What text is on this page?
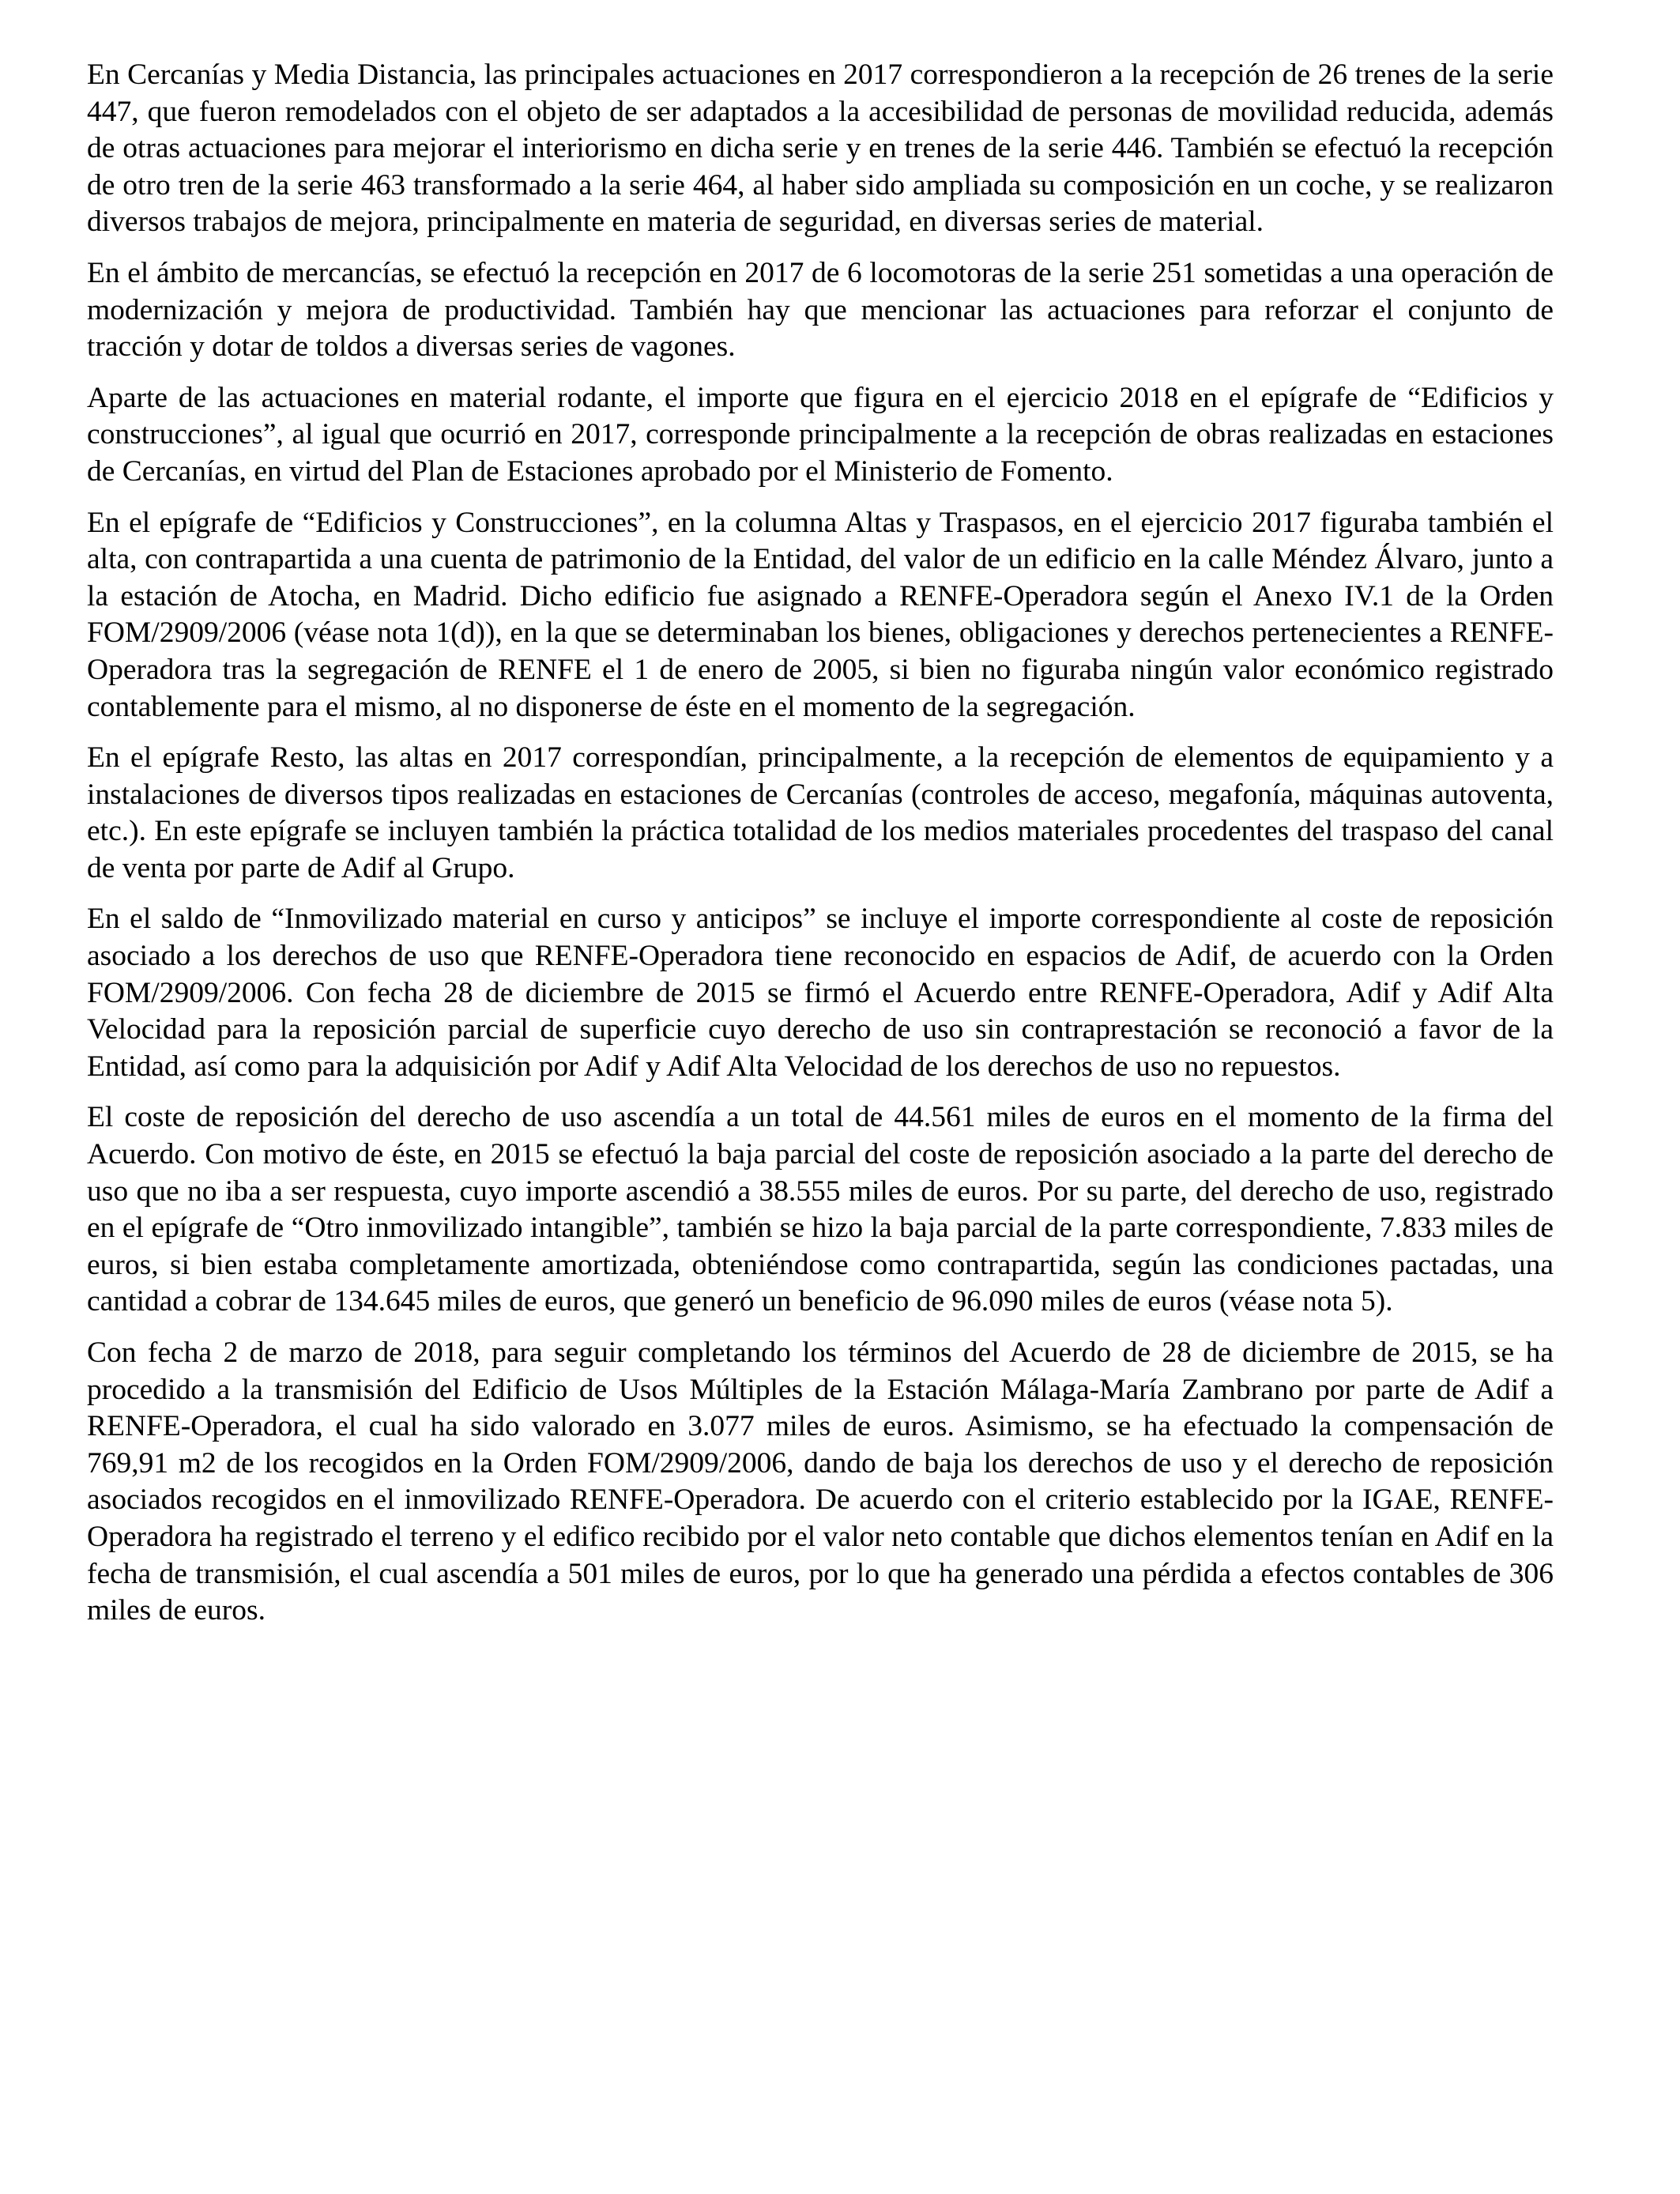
En Cercanías y Media Distancia, las principales actuaciones en 2017 correspondieron a la recepción de 26 trenes de la serie 447, que fueron remodelados con el objeto de ser adaptados a la accesibilidad de personas de movilidad reducida, además de otras actuaciones para mejorar el interiorismo en dicha serie y en trenes de la serie 446. También se efectuó la recepción de otro tren de la serie 463 transformado a la serie 464, al haber sido ampliada su composición en un coche, y se realizaron diversos trabajos de mejora, principalmente en materia de seguridad, en diversas series de material.

En el ámbito de mercancías, se efectuó la recepción en 2017 de 6 locomotoras de la serie 251 sometidas a una operación de modernización y mejora de productividad. También hay que mencionar las actuaciones para reforzar el conjunto de tracción y dotar de toldos a diversas series de vagones.

Aparte de las actuaciones en material rodante, el importe que figura en el ejercicio 2018 en el epígrafe de “Edificios y construcciones”, al igual que ocurrió en 2017, corresponde principalmente a la recepción de obras realizadas en estaciones de Cercanías, en virtud del Plan de Estaciones aprobado por el Ministerio de Fomento.

En el epígrafe de “Edificios y Construcciones”, en la columna Altas y Traspasos, en el ejercicio 2017 figuraba también el alta, con contrapartida a una cuenta de patrimonio de la Entidad, del valor de un edificio en la calle Méndez Álvaro, junto a la estación de Atocha, en Madrid. Dicho edificio fue asignado a RENFE-Operadora según el Anexo IV.1 de la Orden FOM/2909/2006 (véase nota 1(d)), en la que se determinaban los bienes, obligaciones y derechos pertenecientes a RENFE-Operadora tras la segregación de RENFE el 1 de enero de 2005, si bien no figuraba ningún valor económico registrado contablemente para el mismo, al no disponerse de éste en el momento de la segregación.

En el epígrafe Resto, las altas en 2017 correspondían, principalmente, a la recepción de elementos de equipamiento y a instalaciones de diversos tipos realizadas en estaciones de Cercanías (controles de acceso, megafonía, máquinas autoventa, etc.). En este epígrafe se incluyen también la práctica totalidad de los medios materiales procedentes del traspaso del canal de venta por parte de Adif al Grupo.

En el saldo de “Inmovilizado material en curso y anticipos” se incluye el importe correspondiente al coste de reposición asociado a los derechos de uso que RENFE-Operadora tiene reconocido en espacios de Adif, de acuerdo con la Orden FOM/2909/2006. Con fecha 28 de diciembre de 2015 se firmó el Acuerdo entre RENFE-Operadora, Adif y Adif Alta Velocidad para la reposición parcial de superficie cuyo derecho de uso sin contraprestación se reconoció a favor de la Entidad, así como para la adquisición por Adif y Adif Alta Velocidad de los derechos de uso no repuestos.

El coste de reposición del derecho de uso ascendía a un total de 44.561 miles de euros en el momento de la firma del Acuerdo. Con motivo de éste, en 2015 se efectuó la baja parcial del coste de reposición asociado a la parte del derecho de uso que no iba a ser respuesta, cuyo importe ascendió a 38.555 miles de euros. Por su parte, del derecho de uso, registrado en el epígrafe de “Otro inmovilizado intangible”, también se hizo la baja parcial de la parte correspondiente, 7.833 miles de euros, si bien estaba completamente amortizada, obteniéndose como contrapartida, según las condiciones pactadas, una cantidad a cobrar de 134.645 miles de euros, que generó un beneficio de 96.090 miles de euros (véase nota 5).

Con fecha 2 de marzo de 2018, para seguir completando los términos del Acuerdo de 28 de diciembre de 2015, se ha procedido a la transmisión del Edificio de Usos Múltiples de la Estación Málaga-María Zambrano por parte de Adif a RENFE-Operadora, el cual ha sido valorado en 3.077 miles de euros. Asimismo, se ha efectuado la compensación de 769,91 m2 de los recogidos en la Orden FOM/2909/2006, dando de baja los derechos de uso y el derecho de reposición asociados recogidos en el inmovilizado RENFE-Operadora. De acuerdo con el criterio establecido por la IGAE, RENFE-Operadora ha registrado el terreno y el edifico recibido por el valor neto contable que dichos elementos tenían en Adif en la fecha de transmisión, el cual ascendía a 501 miles de euros, por lo que ha generado una pérdida a efectos contables de 306 miles de euros.
